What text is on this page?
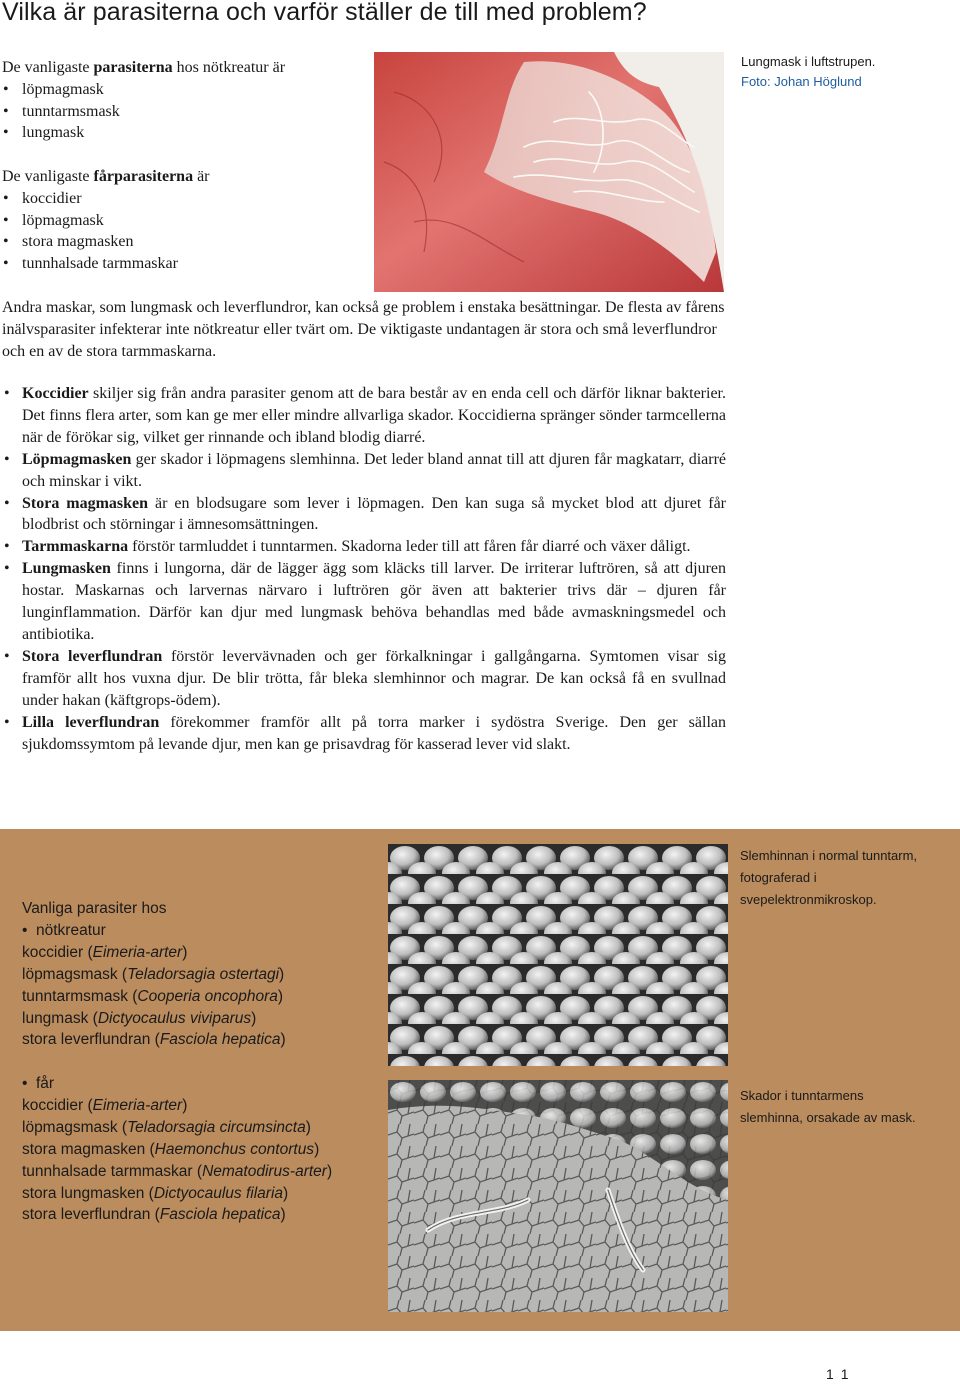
Vilka är parasiterna och varför ställer de till med problem?
De vanligaste parasiterna hos nötkreatur är
• löpmagmask
• tunntarmsmask
• lungmask
De vanligaste fårparasiterna är
• koccidier
• löpmagmask
• stora magmasken
• tunnhalsade tarmmaskar
Lungmask i luftstrupen.
Foto: Johan Höglund

Andra maskar, som lungmask och leverflundror, kan också ge problem i enstaka besättningar. De flesta av fårens inälvsparasiter infekterar inte nötkreatur eller tvärt om. De viktigaste undantagen är stora och små leverflundror och en av de stora tarmmaskarna.

• Koccidier skiljer sig från andra parasiter genom att de bara består av en enda cell och därför liknar bakterier. Det finns flera arter, som kan ge mer eller mindre allvarliga skador. Koccidierna spränger sönder tarmcellerna när de förökar sig, vilket ger rinnande och ibland blodig diarré.
• Löpmagmasken ger skador i löpmagens slemhinna. Det leder bland annat till att djuren får magkatarr, diarré och minskar i vikt.
• Stora magmasken är en blodsugare som lever i löpmagen. Den kan suga så mycket blod att djuret får blodbrist och störningar i ämnesomsättningen.
• Tarmmaskarna förstör tarmluddet i tunntarmen. Skadorna leder till att fåren får diarré och växer dåligt.
• Lungmasken finns i lungorna, där de lägger ägg som kläcks till larver. De irriterar luftrören, så att djuren hostar. Maskarnas och larvernas närvaro i luftrören gör även att bakterier trivs där – djuren får lunginflammation. Därför kan djur med lungmask behöva behandlas med både avmaskningsmedel och antibiotika.
• Stora leverflundran förstör levervävnaden och ger förkalkningar i gallgångarna. Symtomen visar sig framför allt hos vuxna djur. De blir trötta, får bleka slemhinnor och magrar. De kan också få en svullnad under hakan (käftgrops-ödem).
• Lilla leverflundran förekommer framför allt på torra marker i sydöstra Sverige. Den ger sällan sjukdomssymtom på levande djur, men kan ge prisavdrag för kasserad lever vid slakt.
Vanliga parasiter hos
• nötkreatur
koccidier (Eimeria-arter)
löpmagsmask (Teladorsagia ostertagi)
tunntarmsmask (Cooperia oncophora)
lungmask (Dictyocaulus viviparus)
stora leverflundran (Fasciola hepatica)
• får
koccidier (Eimeria-arter)
löpmagsmask (Teladorsagia circumsincta)
stora magmasken (Haemonchus contortus)
tunnhalsade tarmmaskar (Nematodirus-arter)
stora lungmasken (Dictyocaulus filaria)
stora leverflundran (Fasciola hepatica)
Slemhinnan i normal tunntarm, fotograferad i svepelektronmikroskop.
Skador i tunntarmens slemhinna, orsakade av mask.
11
